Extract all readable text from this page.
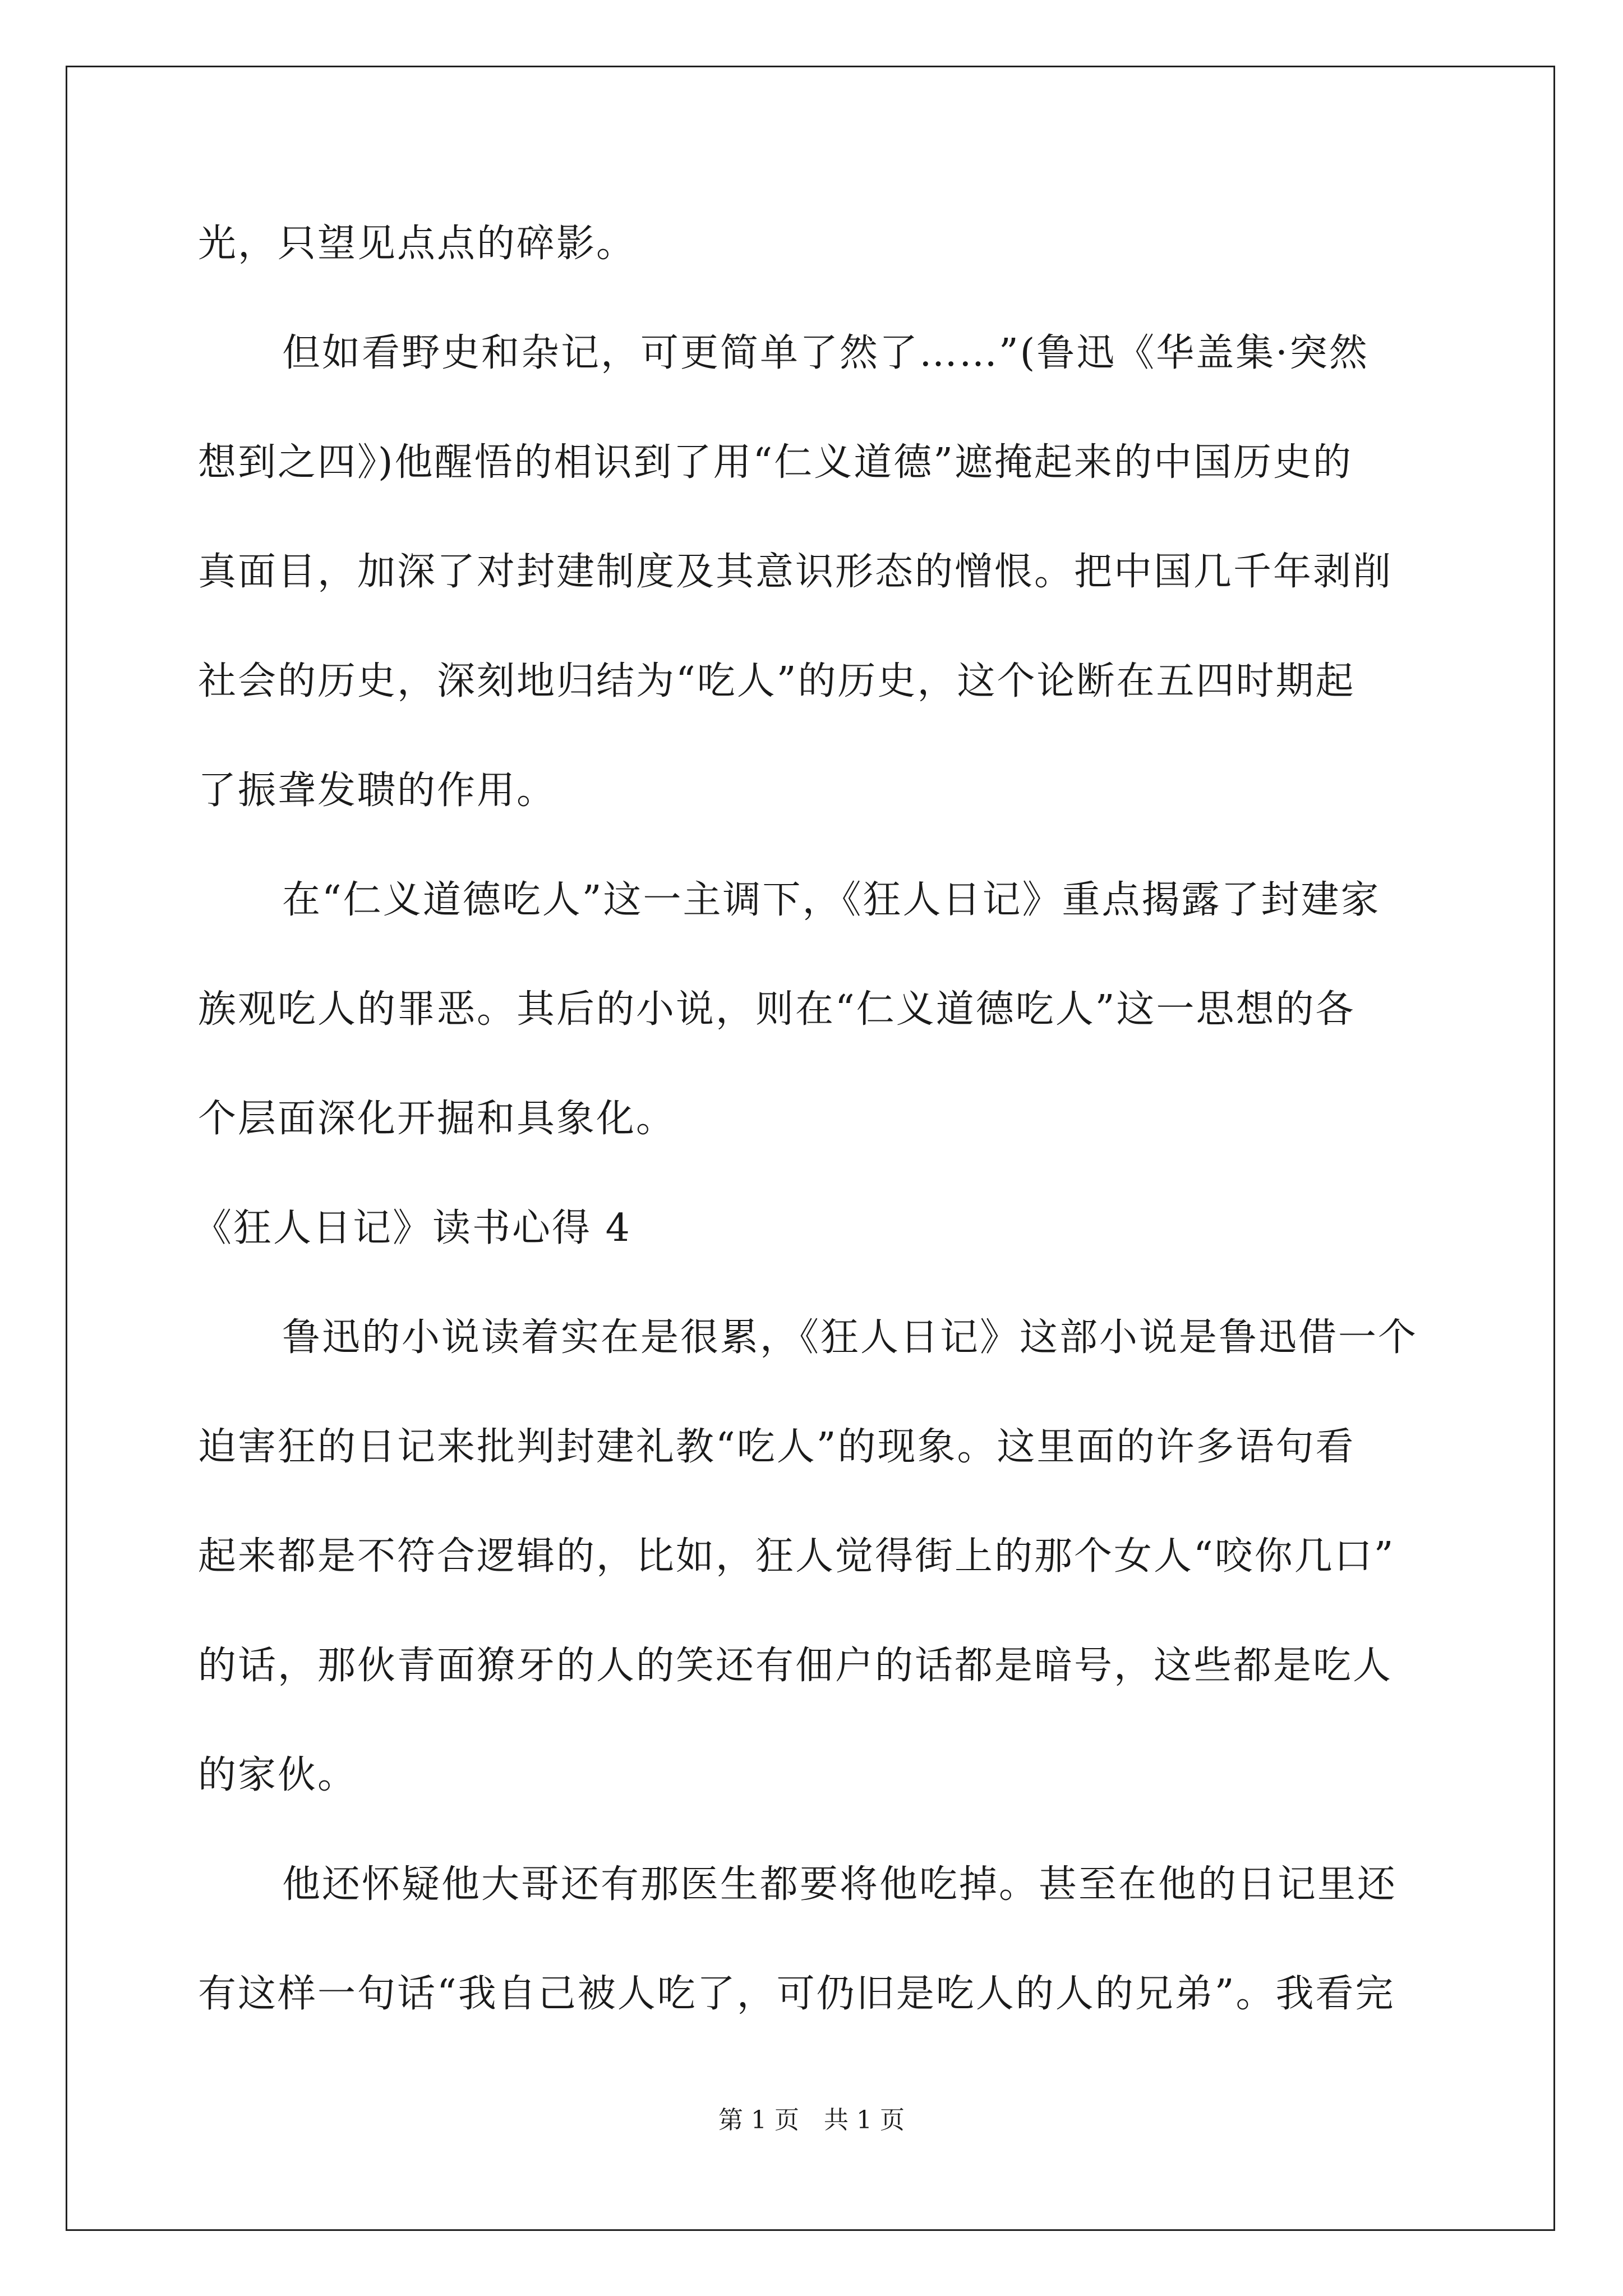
光，只望见点点的碎影。
但如看野史和杂记，可更简单了然了……”(鲁迅《华盖集·突然
想到之四》)他醒悟的相识到了用“仁义道德”遮掩起来的中国历史的
真面目，加深了对封建制度及其意识形态的憎恨。把中国几千年剥削
社会的历史，深刻地归结为“吃人”的历史，这个论断在五四时期起
了振聋发聩的作用。
在“仁义道德吃人”这一主调下，《狂人日记》重点揭露了封建家
族观吃人的罪恶。其后的小说，则在“仁义道德吃人”这一思想的各
个层面深化开掘和具象化。
《狂人日记》读书心得 4
鲁迅的小说读着实在是很累，《狂人日记》这部小说是鲁迅借一个
迫害狂的日记来批判封建礼教“吃人”的现象。这里面的许多语句看
起来都是不符合逻辑的，比如，狂人觉得街上的那个女人“咬你几口”
的话，那伙青面獠牙的人的笑还有佃户的话都是暗号，这些都是吃人
的家伙。
他还怀疑他大哥还有那医生都要将他吃掉。甚至在他的日记里还
有这样一句话“我自己被人吃了，可仍旧是吃人的人的兄弟”。我看完
第 1 页　共 1 页
